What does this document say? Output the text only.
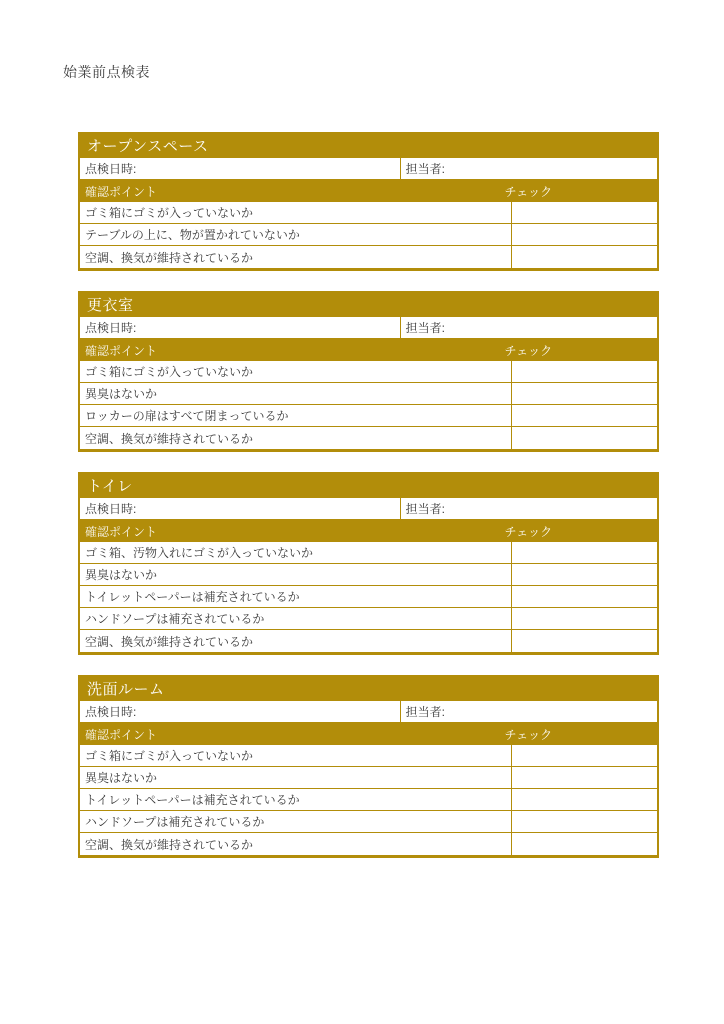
始業前点検表
オープンスペース
点検日時:	担当者:
確認ポイント	チェック
ゴミ箱にゴミが入っていないか
テーブルの上に、物が置かれていないか
空調、換気が維持されているか
更衣室
点検日時:	担当者:
確認ポイント	チェック
ゴミ箱にゴミが入っていないか
異臭はないか
ロッカーの扉はすべて閉まっているか
空調、換気が維持されているか
トイレ
点検日時:	担当者:
確認ポイント	チェック
ゴミ箱、汚物入れにゴミが入っていないか
異臭はないか
トイレットペーパーは補充されているか
ハンドソープは補充されているか
空調、換気が維持されているか
洗面ルーム
点検日時:	担当者:
確認ポイント	チェック
ゴミ箱にゴミが入っていないか
異臭はないか
トイレットペーパーは補充されているか
ハンドソープは補充されているか
空調、換気が維持されているか
